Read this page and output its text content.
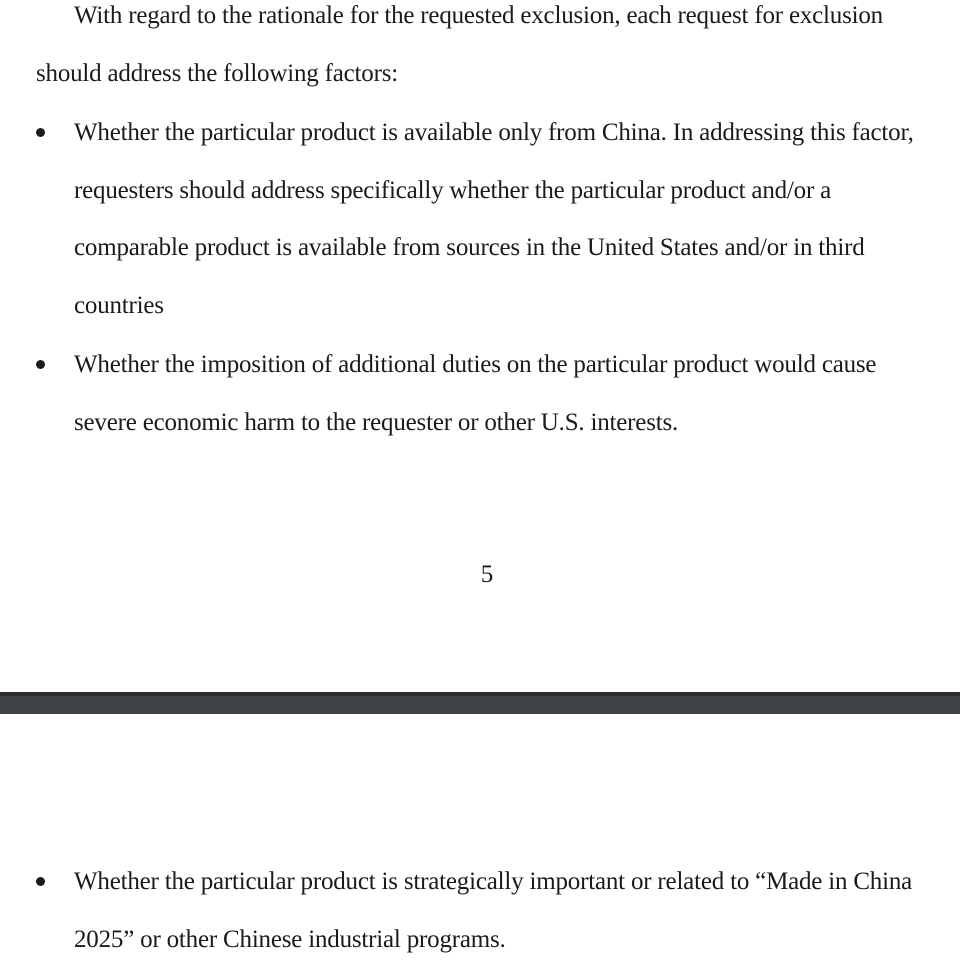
With regard to the rationale for the requested exclusion, each request for exclusion
should address the following factors:
Whether the particular product is available only from China. In addressing this factor,
requesters should address specifically whether the particular product and/or a
comparable product is available from sources in the United States and/or in third
countries
Whether the imposition of additional duties on the particular product would cause
severe economic harm to the requester or other U.S. interests.
5
Whether the particular product is strategically important or related to “Made in China
2025” or other Chinese industrial programs.
